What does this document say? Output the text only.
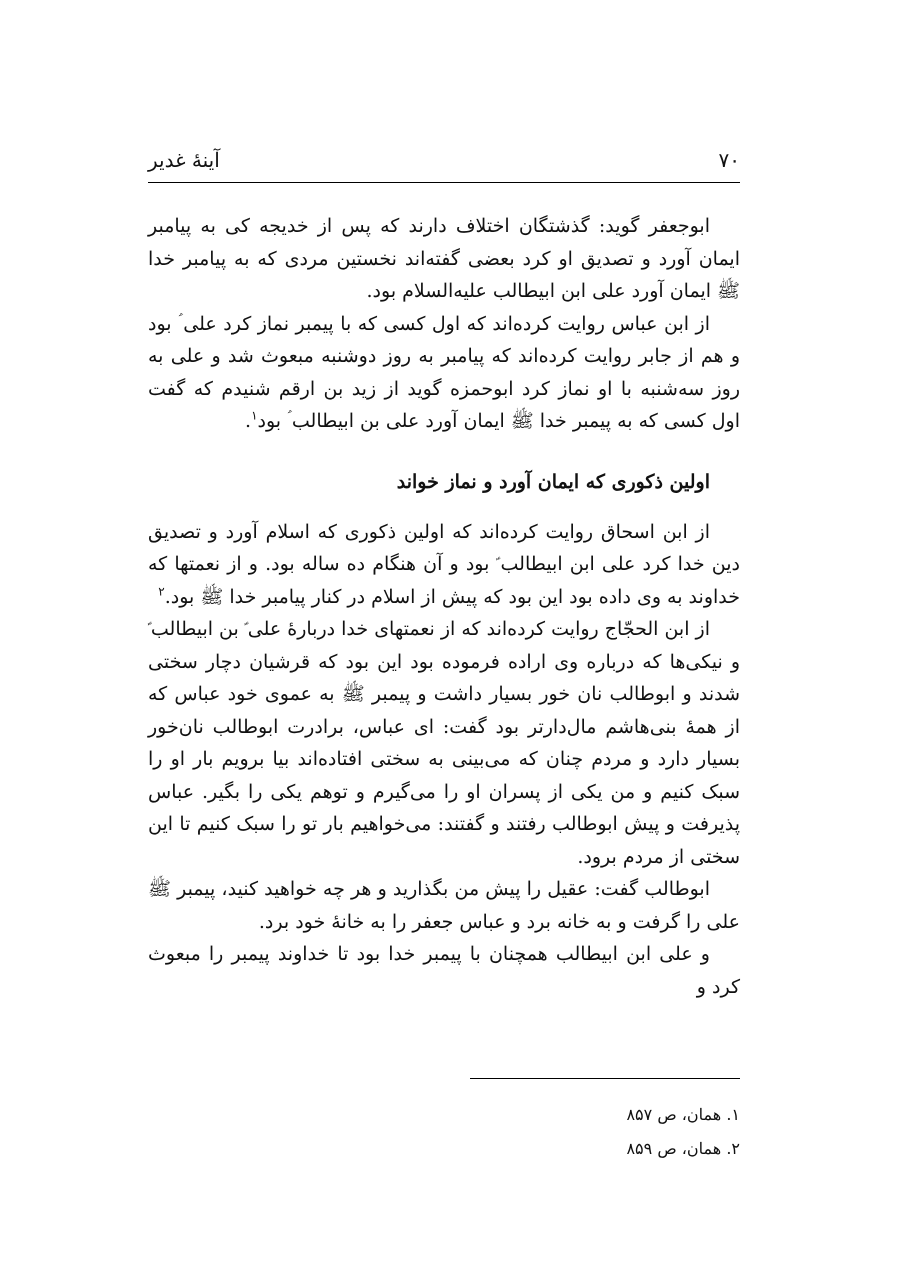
۷۰
آینۀ غدیر

ابوجعفر گوید: گذشتگان اختلاف دارند که پس از خدیجه کی به پیامبر ایمان آورد و تصدیق او کرد بعضی گفته‌اند نخستین مردی که به پیامبر خدا ﷺ ایمان آورد علی ابن ابیطالب علیه‌السلام بود.

از ابن عباس روایت کرده‌اند که اول کسی که با پیمبر نماز کرد علی ؑ بود و هم از جابر روایت کرده‌اند که پیامبر به روز دوشنبه مبعوث شد و علی به روز سه‌شنبه با او نماز کرد ابوحمزه گوید از زید بن ارقم شنیدم که گفت اول کسی که به پیمبر خدا ﷺ ایمان آورد علی بن ابیطالب ؑ بود$^۱$.

اولین ذکوری که ایمان آورد و نماز خواند

از ابن اسحاق روایت کرده‌اند که اولین ذکوری که اسلام آورد و تصدیق دین خدا کرد علی ابن ابیطالب ؑ بود و آن هنگام ده ساله بود. و از نعمتها که خداوند به وی داده بود این بود که پیش از اسلام در کنار پیامبر خدا ﷺ بود.$^۲$

از ابن الحجّاج روایت کرده‌اند که از نعمتهای خدا دربارۀ علی ؑ بن ابیطالب ؑ و نیکی‌ها که درباره وی اراده فرموده بود این بود که قرشیان دچار سختی شدند و ابوطالب نان خور بسیار داشت و پیمبر ﷺ به عموی خود عباس که از همۀ بنی‌هاشم مال‌دارتر بود گفت: ای عباس، برادرت ابوطالب نان‌خور بسیار دارد و مردم چنان که می‌بینی به سختی افتاده‌اند بیا برویم بار او را سبک کنیم و من یکی از پسران او را می‌گیرم و توهم یکی را بگیر. عباس پذیرفت و پیش ابوطالب رفتند و گفتند: می‌خواهیم بار تو را سبک کنیم تا این سختی از مردم برود.

ابوطالب گفت: عقیل را پیش من بگذارید و هر چه خواهید کنید، پیمبر ﷺ علی را گرفت و به خانه برد و عباس جعفر را به خانۀ خود برد.

و علی ابن ابیطالب همچنان با پیمبر خدا بود تا خداوند پیمبر را مبعوث کرد و

۱. همان، ص ۸۵۷
۲. همان، ص ۸۵۹
